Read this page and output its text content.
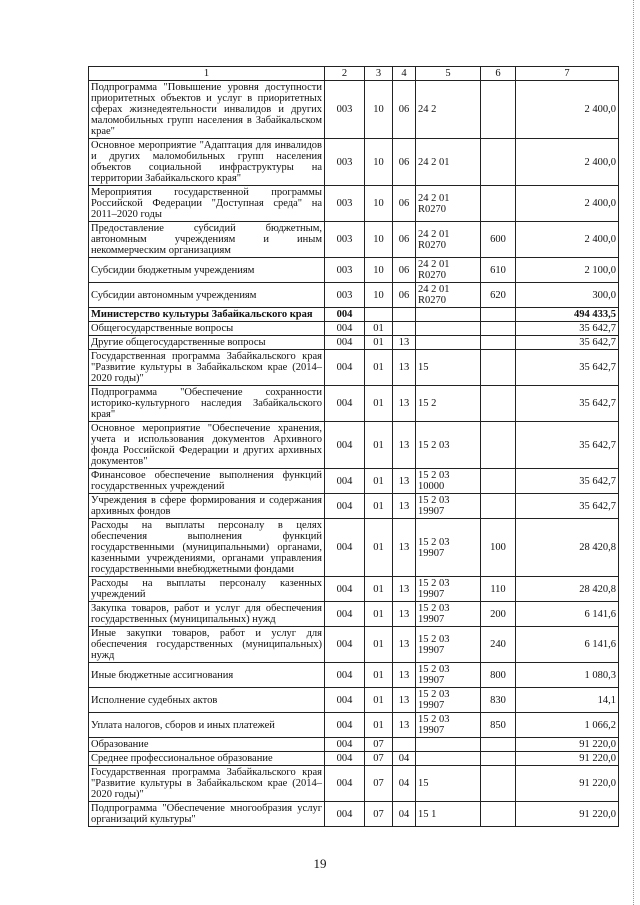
1	2	3	4	5	6	7
Подпрограмма "Повышение уровня доступности приоритетных объектов и услуг в приоритетных сферах жизнедеятельности инвалидов и других маломобильных групп населения в Забайкальском крае"	003	10	06	24 2		2 400,0
Основное мероприятие "Адаптация для инвалидов и других маломобильных групп населения объектов социальной инфраструктуры на территории Забайкальского края"	003	10	06	24 2 01		2 400,0
Мероприятия государственной программы Российской Федерации "Доступная среда" на 2011–2020 годы	003	10	06	24 2 01 R0270		2 400,0
Предоставление субсидий бюджетным, автономным учреждениям и иным некоммерческим организациям	003	10	06	24 2 01 R0270	600	2 400,0
Субсидии бюджетным учреждениям	003	10	06	24 2 01 R0270	610	2 100,0
Субсидии автономным учреждениям	003	10	06	24 2 01 R0270	620	300,0
Министерство культуры Забайкальского края	004					494 433,5
Общегосударственные вопросы	004	01				35 642,7
Другие общегосударственные вопросы	004	01	13			35 642,7
Государственная программа Забайкальского края "Развитие культуры в Забайкальском крае (2014–2020 годы)"	004	01	13	15		35 642,7
Подпрограмма "Обеспечение сохранности историко-культурного наследия Забайкальского края"	004	01	13	15 2		35 642,7
Основное мероприятие "Обеспечение хранения, учета и использования документов Архивного фонда Российской Федерации и других архивных документов"	004	01	13	15 2 03		35 642,7
Финансовое обеспечение выполнения функций государственных учреждений	004	01	13	15 2 03 10000		35 642,7
Учреждения в сфере формирования и содержания архивных фондов	004	01	13	15 2 03 19907		35 642,7
Расходы на выплаты персоналу в целях обеспечения выполнения функций государственными (муниципальными) органами, казенными учреждениями, органами управления государственными внебюджетными фондами	004	01	13	15 2 03 19907	100	28 420,8
Расходы на выплаты персоналу казенных учреждений	004	01	13	15 2 03 19907	110	28 420,8
Закупка товаров, работ и услуг для обеспечения государственных (муниципальных) нужд	004	01	13	15 2 03 19907	200	6 141,6
Иные закупки товаров, работ и услуг для обеспечения государственных (муниципальных) нужд	004	01	13	15 2 03 19907	240	6 141,6
Иные бюджетные ассигнования	004	01	13	15 2 03 19907	800	1 080,3
Исполнение судебных актов	004	01	13	15 2 03 19907	830	14,1
Уплата налогов, сборов и иных платежей	004	01	13	15 2 03 19907	850	1 066,2
Образование	004	07				91 220,0
Среднее профессиональное образование	004	07	04			91 220,0
Государственная программа Забайкальского края "Развитие культуры в Забайкальском крае (2014–2020 годы)"	004	07	04	15		91 220,0
Подпрограмма "Обеспечение многообразия услуг организаций культуры"	004	07	04	15 1		91 220,0
19
